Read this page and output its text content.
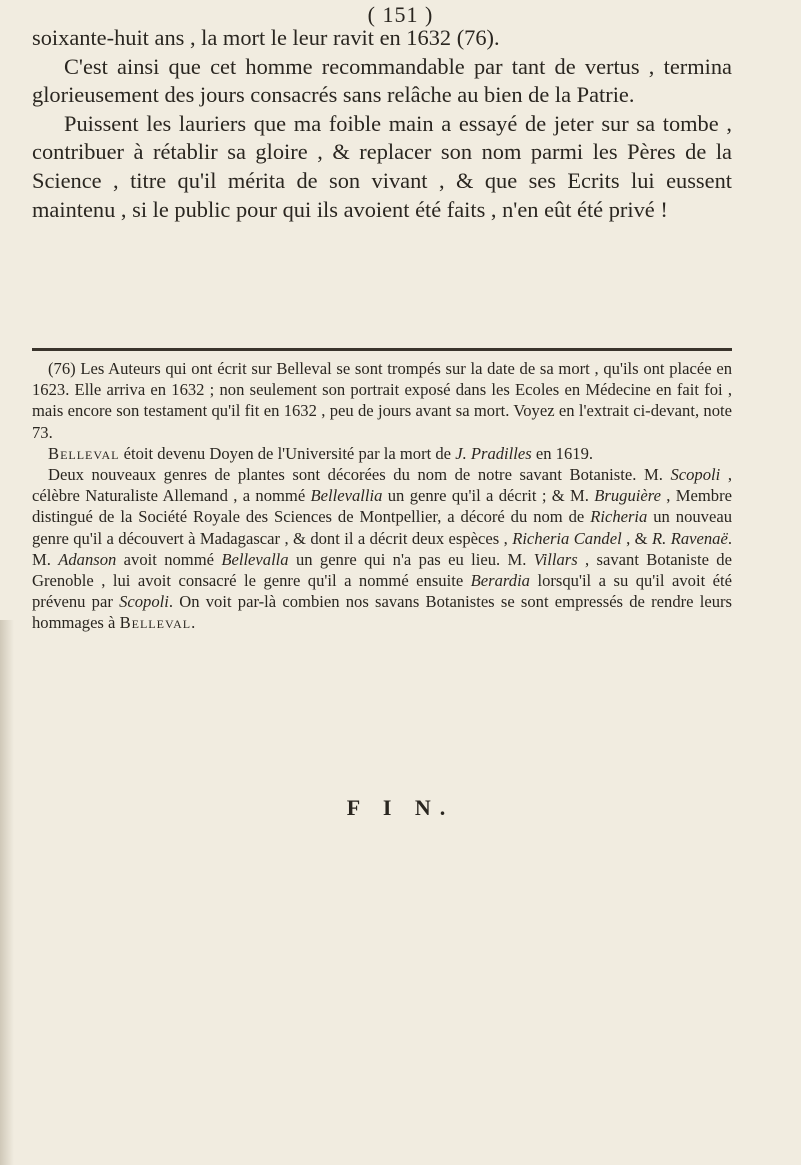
( 151 )

soixante-huit ans , la mort le leur ravit en 1632 (76).

C'est ainsi que cet homme recommandable par tant de vertus , termina glorieusement des jours consacrés sans relâche au bien de la Patrie.

Puissent les lauriers que ma foible main a essayé de jeter sur sa tombe , contribuer à rétablir sa gloire , & replacer son nom parmi les Pères de la Science , titre qu'il mérita de son vivant , & que ses Ecrits lui eussent maintenu , si le public pour qui ils avoient été faits , n'en eût été privé !

(76) Les Auteurs qui ont écrit sur Belleval se sont trompés sur la date de sa mort , qu'ils ont placée en 1623. Elle arriva en 1632 ; non seulement son portrait exposé dans les Ecoles en Médecine en fait foi , mais encore son testament qu'il fit en 1632 , peu de jours avant sa mort. Voyez en l'extrait ci-devant, note 73.

Belleval étoit devenu Doyen de l'Université par la mort de J. Pradilles en 1619.

Deux nouveaux genres de plantes sont décorées du nom de notre savant Botaniste. M. Scopoli , célèbre Naturaliste Allemand , a nommé Bellevallia un genre qu'il a décrit ; & M. Bruguière , Membre distingué de la Société Royale des Sciences de Montpellier, a décoré du nom de Richeria un nouveau genre qu'il a découvert à Madagascar , & dont il a décrit deux espèces , Richeria Candel , & R. Ravenaë. M. Adanson avoit nommé Bellevalla un genre qui n'a pas eu lieu. M. Villars , savant Botaniste de Grenoble , lui avoit consacré le genre qu'il a nommé ensuite Berardia lorsqu'il a su qu'il avoit été prévenu par Scopoli. On voit par-là combien nos savans Botanistes se sont empressés de rendre leurs hommages à Belleval.

F I N.
